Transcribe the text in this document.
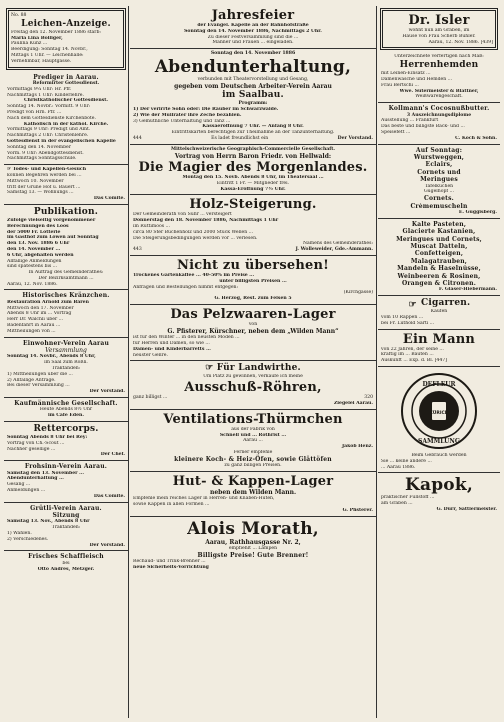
No. 88
Leichen-Anzeige.
Freitag den 12. November 1886 starb:
Maria Lina Bolliger,
Paulina Kunz ...
Beerdigung: Sonntag 14. Novbr.,
Mittags 1 Uhr. — Leichenhalle:
Vernehmbar, Hauptgasse.
Prediger in Aarau.
Reformirter Gottesdienst.
Vormittags 9¼ Uhr: Hr. Pfr.
Nachmittags 1 Uhr: Kinderlehre.
Christkatholischer Gottesdienst.
Sonntag 14. Novbr.: Vormitt. 9 Uhr:
Predigt von Hrn. Pfr. ...
Nach dem Gottesdienste Kirchenbote.
Katholisch in der kathol. Kirche.
Vormittags 9 Uhr: Predigt und Amt.
Nachmittags 2 Uhr: Christenlehre.
Gottesdienst in der evangelischen Kapelle
Sonntag den 14. November
Vorm. 9 Uhr: Abendgottesdienst.
Nachmittags Sonntagsschule.
☞ Todes- und Kapellen-Gesuch
können Begehren werden bei ...
Mittwoch 10. November
tritt der Grüne Hof u. Bauert ...
Samstag 13. — Wohnungs ...
Das Comité.
Publikation.
Zufolge vielseitig vorgenommener
Berechnungen des Loos
der 5000 Fr. Lotterie
im Gasthof zum Löwen auf Sonntag
den 13. Nov. 1886 6 Uhr
den 14. November ...
6 Uhr, abgehalten werden
Allfällige Anmeldungen
sind spätestens bis ...
In Auftrag des Gemeinderathes:
Der Bezirksamtmann ...
Aarau, 12. Nov. 1886.
Historisches Kränzchen.
Restauration Arnold zum Bären
Mittwoch den 17. November
Abends 8 Uhr im ... Vortrag
Herr Dr. Wälchli über ...
Badenfahrt in Aarau ...
Mittheilungen von ...
Einwohner-Verein Aarau
Versammlung
Sonntag 14. Novbr., Abends 8 Uhr,
im Saal zum Rößli.
Traktanden:
1) Mittheilungen über die ...
2) Allfällige Anträge.
Bei dieser Versammlung ...
Der Vorstand.
Kaufmännische Gesellschaft.
Heute Abends 8½ Uhr
im Café Eden.
Rettercorps.
Sonntag Abends 8 Uhr bei Rey:
Vortrag von Ch.-Scout ...
Nachher gesellige ...
Der Chef.
Frohsinn-Verein Aarau.
Samstag den 13. November ...
Abendunterhaltung ...
Gesang ...
Anmeldungen ...
Das Comité.
Grütli-Verein Aarau.
Sitzung
Samstag 13. Nov., Abends 8 Uhr
Traktanden:
1) Wahlen.
2) Verschiedenes.
Der Vorstand.
Frisches Schaffleisch
bei
Otto Andres, Metzger.
Jahresfeier
der Evangel. Kapelle an der Bahnhofstraße
Sonntag den 14. November 1886, Nachmittags 2 Uhr.
Zu dieser Festversammlung sind die ...
Männer und Frauen ... eingeladen.
Sonntag den 14. November 1886
Abendunterhaltung,
verbunden mit Theatervorstellung und Gesang,
gegeben vom Deutschen Arbeiter-Verein Aarau
im Saalbau.
Programm:
1) Der verirrte Sohn oder: Die Räuber im Schwarzwalde.
2) Wie der Mullrater ihre Zeche bezahlen.
3) Gemüthliche Unterhaltung und Tanz ...
Kassaeröffnung 7 Uhr. — Anfang 8 Uhr.
Eintrittskarten berechtigen zur Theilnahme an der Tanzunterhaltung.
444	Es ladet freundlichst ein	Der Vorstand.
Mittelschweizerische Geographisch-Commercielle Gesellschaft.
Vortrag von Herrn Baron Friedr. von Hellwald:
Die Magier des Morgenlandes.
Montag den 15. Novb. Abends 8 Uhr, im Theatersaal ...
Eintritt 1 Fr. — Mitglieder frei.
Kassa-Eröffnung 7½ Uhr.
Holz-Steigerung.
Der Gemeinderath von Suhr ... versteigert
Donnerstag den 18. November 1886, Nachmittags 1 Uhr
im Rüttimoos ...
circa 80 Ster Buchenholz und 2000 Stück Wellen ...
Die Steigerungsbedingungen werden vor ... verlesen.
Namens des Gemeinderathes:
443	J. Wolleweider, Gde.-Ammann.
Nicht zu übersehen!
Trockenes Gartenkaffee ... 40–50% im Preise ...
unter billigsten Preisen ...
Anfragen und Bestellungen nimmt entgegen:
(Kirchgasse)
G. Herzog, Rest. zum Felsen 5
Das Pelzwaaren-Lager
von
G. Pfisterer, Kürschner, neben dem „Wilden Mann“
ist für den Winter ... in den neusten Moden ...
für Herren und Damen, so wie ...
Damen- und Kinderbarretts ...
neuster Genre.
☞ Für Landwirthe.
Um Platz zu gewinnen, verkaufe ich meine
Ausschuß-Röhren,
ganz billigst ...	320
Ziegelei Aarau.
Ventilations-Thürmchen
aus der Fabrik von
Schnell und ... Rothrist ...
Aarau ...
Jakob Henz.
Ferner empfehle
kleinere Koch- & Heiz-Öfen, sowie Glättöfen
zu ganz billigen Preisen.
Hut- & Kappen-Lager
neben dem Wilden Mann.
Empfehle mein reiches Lager in Herren- und Knaben-Hüten,
sowie Kappen in allen Formen ...
G. Pfisterer.
Alois Morath,
Aarau, Rathhausgasse Nr. 2,
empfiehlt ... Lampen
Billigste Preise! Gute Brenner!
Rechaud- und Trink-Brenner ...
neue Sicherheits-Vorrichtung
Dr. Isler
wohnt nun am Graben, im
Hause von Frau Scherb Bühler.
Aarau, 12. Nov. 1886. [439]
Unterzeichnete verfertigen nach Maß:
Herrenhemden
mit Leinen-Einsatz ...
Damenwäsche und Hemden ...
Frau Bertschi ...
Wwe. Sutermeister & Blattner,
Weißwarengeschäft.
Kollmann's Cocosnußbutter.
3 Auszeichnungsdiplome
Ausstellung ... Frankfurt
Das beste und billigste Back- und ...
Speisefett ...
C. Koch & Sohn.
Auf Sonntag:
Wurstweggen,
Eclairs,
Cornets und
Meringues
Tafelkuchen
Gugelhopf ...
Cornets.
Crèmemuscheln
E. Guggisberg.
Kalte Pasteten,
Glacierte Kastanien,
Meringues und Cornets,
Muscat Datteln,
Confetteigen,
Malagatrauben,
Mandeln & Haselnüsse,
Weinbeeren & Rosinen,
Orangen & Citronen.
F. Glaser-Hiebermann.
☞ Cigarren.
Kaufen
vom 10 Rappen ...
bei Fr. Lüthold Sarti ...
Ein Mann
von 22 Jahren, der seine ...
kräftig im ... Bauten ...
Auskunft ... Exp. d. Bl. [447]
DEFLEUR
SAMMLUNG
ZÜRICH
Beim Gebrauch werden
Sie ... keine andere ...
... Aarau 1886.
Kapok,
praktischer Füllstoff ...
am Graben ...
G. Dürr, Sattlermeister.
